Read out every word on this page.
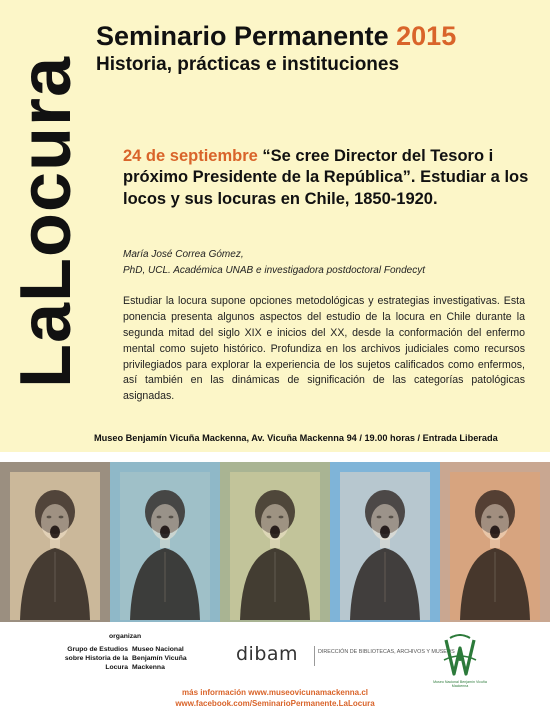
LaLocura
Seminario Permanente 2015
Historia, prácticas e instituciones
24 de septiembre “Se cree Director del Tesoro i próximo Presidente de la República”. Estudiar a los locos y sus locuras en Chile, 1850-1920.
María José Correa Gómez,
PhD, UCL. Académica UNAB e investigadora postdoctoral Fondecyt
Estudiar la locura supone opciones metodológicas y estrategias investigativas. Esta ponencia presenta algunos aspectos del estudio de la locura en Chile durante la segunda mitad del siglo XIX e inicios del XX, desde la conformación del enfermo mental como sujeto histórico. Profundiza en los archivos judiciales como recursos privilegiados para explorar la experiencia de los sujetos calificados como enfermos, así también en las dinámicas de significación de las categorías patológicas asignadas.
Museo Benjamín Vicuña Mackenna, Av. Vicuña Mackenna 94 / 19.00 horas / Entrada Liberada
organizan
Grupo de Estudios sobre Historia de la Locura
Museo Nacional Benjamín Vicuña Mackenna
dibam	DIRECCIÓN DE BIBLIOTECAS, ARCHIVOS Y MUSEOS
Museo Nacional Benjamín Vicuña Mackenna
más información www.museovicunamackenna.cl
www.facebook.com/SeminarioPermanente.LaLocura
